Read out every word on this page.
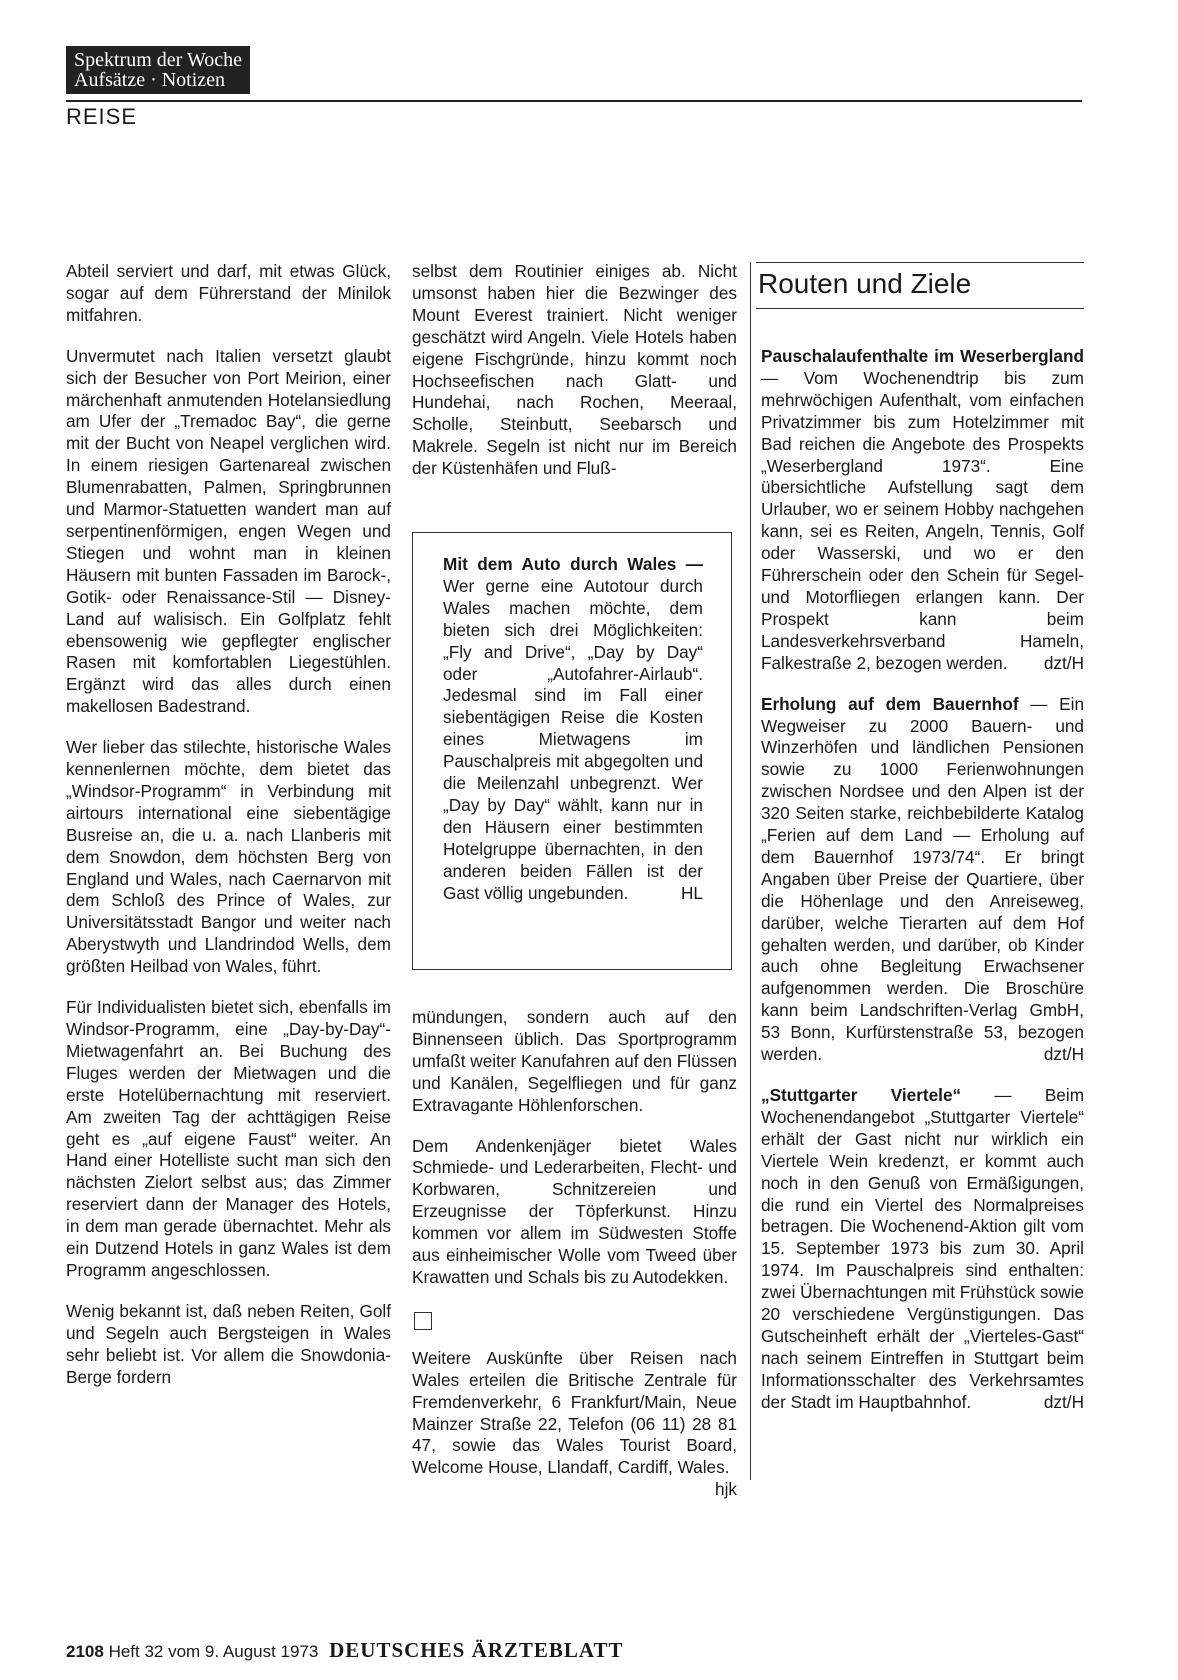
Spektrum der Woche
Aufsätze · Notizen
REISE

Abteil serviert und darf, mit etwas Glück, sogar auf dem Führerstand der Minilok mitfahren.

Unvermutet nach Italien versetzt glaubt sich der Besucher von Port Meirion, einer märchenhaft anmutenden Hotelansiedlung am Ufer der „Tremadoc Bay“, die gerne mit der Bucht von Neapel verglichen wird. In einem riesigen Gartenareal zwischen Blumenrabatten, Palmen, Springbrunnen und Marmor-Statuetten wandert man auf serpentinenförmigen, engen Wegen und Stiegen und wohnt man in kleinen Häusern mit bunten Fassaden im Barock-, Gotik- oder Renaissance-Stil — Disney-Land auf walisisch. Ein Golfplatz fehlt ebensowenig wie gepflegter englischer Rasen mit komfortablen Liegestühlen. Ergänzt wird das alles durch einen makellosen Badestrand.

Wer lieber das stilechte, historische Wales kennenlernen möchte, dem bietet das „Windsor-Programm“ in Verbindung mit airtours international eine siebentägige Busreise an, die u. a. nach Llanberis mit dem Snowdon, dem höchsten Berg von England und Wales, nach Caernarvon mit dem Schloß des Prince of Wales, zur Universitätsstadt Bangor und weiter nach Aberystwyth und Llandrindod Wells, dem größten Heilbad von Wales, führt.

Für Individualisten bietet sich, ebenfalls im Windsor-Programm, eine „Day-by-Day“-Mietwagenfahrt an. Bei Buchung des Fluges werden der Mietwagen und die erste Hotelübernachtung mit reserviert. Am zweiten Tag der achttägigen Reise geht es „auf eigene Faust“ weiter. An Hand einer Hotelliste sucht man sich den nächsten Zielort selbst aus; das Zimmer reserviert dann der Manager des Hotels, in dem man gerade übernachtet. Mehr als ein Dutzend Hotels in ganz Wales ist dem Programm angeschlossen.

Wenig bekannt ist, daß neben Reiten, Golf und Segeln auch Bergsteigen in Wales sehr beliebt ist. Vor allem die Snowdonia-Berge fordern

selbst dem Routinier einiges ab. Nicht umsonst haben hier die Bezwinger des Mount Everest trainiert. Nicht weniger geschätzt wird Angeln. Viele Hotels haben eigene Fischgründe, hinzu kommt noch Hochseefischen nach Glatt- und Hundehai, nach Rochen, Meeraal, Scholle, Steinbutt, Seebarsch und Makrele. Segeln ist nicht nur im Bereich der Küstenhäfen und Fluß-

Mit dem Auto durch Wales — Wer gerne eine Autotour durch Wales machen möchte, dem bieten sich drei Möglichkeiten: „Fly and Drive“, „Day by Day“ oder „Autofahrer-Airlaub“. Jedesmal sind im Fall einer siebentägigen Reise die Kosten eines Mietwagens im Pauschalpreis mit abgegolten und die Meilenzahl unbegrenzt. Wer „Day by Day“ wählt, kann nur in den Häusern einer bestimmten Hotelgruppe übernachten, in den anderen beiden Fällen ist der Gast völlig ungebunden.	HL

mündungen, sondern auch auf den Binnenseen üblich. Das Sportprogramm umfaßt weiter Kanufahren auf den Flüssen und Kanälen, Segelfliegen und für ganz Extravagante Höhlenforschen.

Dem Andenkenjäger bietet Wales Schmiede- und Lederarbeiten, Flecht- und Korbwaren, Schnitzereien und Erzeugnisse der Töpferkunst. Hinzu kommen vor allem im Südwesten Stoffe aus einheimischer Wolle vom Tweed über Krawatten und Schals bis zu Autodekken.

Weitere Auskünfte über Reisen nach Wales erteilen die Britische Zentrale für Fremdenverkehr, 6 Frankfurt/Main, Neue Mainzer Straße 22, Telefon (06 11) 28 81 47, sowie das Wales Tourist Board, Welcome House, Llandaff, Cardiff, Wales.
hjk

Routen und Ziele

Pauschalaufenthalte im Weserbergland — Vom Wochenendtrip bis zum mehrwöchigen Aufenthalt, vom einfachen Privatzimmer bis zum Hotelzimmer mit Bad reichen die Angebote des Prospekts „Weserbergland 1973“. Eine übersichtliche Aufstellung sagt dem Urlauber, wo er seinem Hobby nachgehen kann, sei es Reiten, Angeln, Tennis, Golf oder Wasserski, und wo er den Führerschein oder den Schein für Segel- und Motorfliegen erlangen kann. Der Prospekt kann beim Landesverkehrsverband Hameln, Falkestraße 2, bezogen werden. dzt/H

Erholung auf dem Bauernhof — Ein Wegweiser zu 2000 Bauern- und Winzerhöfen und ländlichen Pensionen sowie zu 1000 Ferienwohnungen zwischen Nordsee und den Alpen ist der 320 Seiten starke, reichbebilderte Katalog „Ferien auf dem Land — Erholung auf dem Bauernhof 1973/74“. Er bringt Angaben über Preise der Quartiere, über die Höhenlage und den Anreiseweg, darüber, welche Tierarten auf dem Hof gehalten werden, und darüber, ob Kinder auch ohne Begleitung Erwachsener aufgenommen werden. Die Broschüre kann beim Landschriften-Verlag GmbH, 53 Bonn, Kurfürstenstraße 53, bezogen werden.	dzt/H

„Stuttgarter Viertele“ — Beim Wochenendangebot „Stuttgarter Viertele“ erhält der Gast nicht nur wirklich ein Viertele Wein kredenzt, er kommt auch noch in den Genuß von Ermäßigungen, die rund ein Viertel des Normalpreises betragen. Die Wochenend-Aktion gilt vom 15. September 1973 bis zum 30. April 1974. Im Pauschalpreis sind enthalten: zwei Übernachtungen mit Frühstück sowie 20 verschiedene Vergünstigungen. Das Gutscheinheft erhält der „Vierteles-Gast“ nach seinem Eintreffen in Stuttgart beim Informationsschalter des Verkehrsamtes der Stadt im Hauptbahnhof.	dzt/H

2108 Heft 32 vom 9. August 1973 DEUTSCHES ÄRZTEBLATT
